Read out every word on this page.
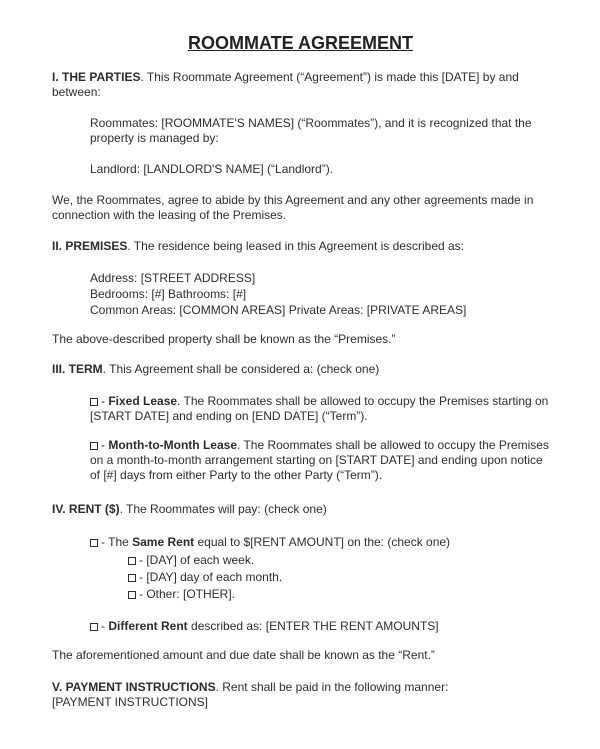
ROOMMATE AGREEMENT

I. THE PARTIES. This Roommate Agreement (“Agreement”) is made this [DATE] by and between:

Roommates: [ROOMMATE'S NAMES] (“Roommates”), and it is recognized that the property is managed by:

Landlord: [LANDLORD'S NAME] (“Landlord”).

We, the Roommates, agree to abide by this Agreement and any other agreements made in connection with the leasing of the Premises.

II. PREMISES. The residence being leased in this Agreement is described as:

Address: [STREET ADDRESS]
Bedrooms: [#] Bathrooms: [#]
Common Areas: [COMMON AREAS] Private Areas: [PRIVATE AREAS]

The above-described property shall be known as the “Premises.”

III. TERM. This Agreement shall be considered a: (check one)

- Fixed Lease. The Roommates shall be allowed to occupy the Premises starting on [START DATE] and ending on [END DATE] (“Term”).

- Month-to-Month Lease. The Roommates shall be allowed to occupy the Premises on a month-to-month arrangement starting on [START DATE] and ending upon notice of [#] days from either Party to the other Party (“Term”).

IV. RENT ($). The Roommates will pay: (check one)

- The Same Rent equal to $[RENT AMOUNT] on the: (check one)

- [DAY] of each week.

- [DAY] day of each month.

- Other: [OTHER].

- Different Rent described as: [ENTER THE RENT AMOUNTS]

The aforementioned amount and due date shall be known as the “Rent.”

V. PAYMENT INSTRUCTIONS. Rent shall be paid in the following manner:
[PAYMENT INSTRUCTIONS]
